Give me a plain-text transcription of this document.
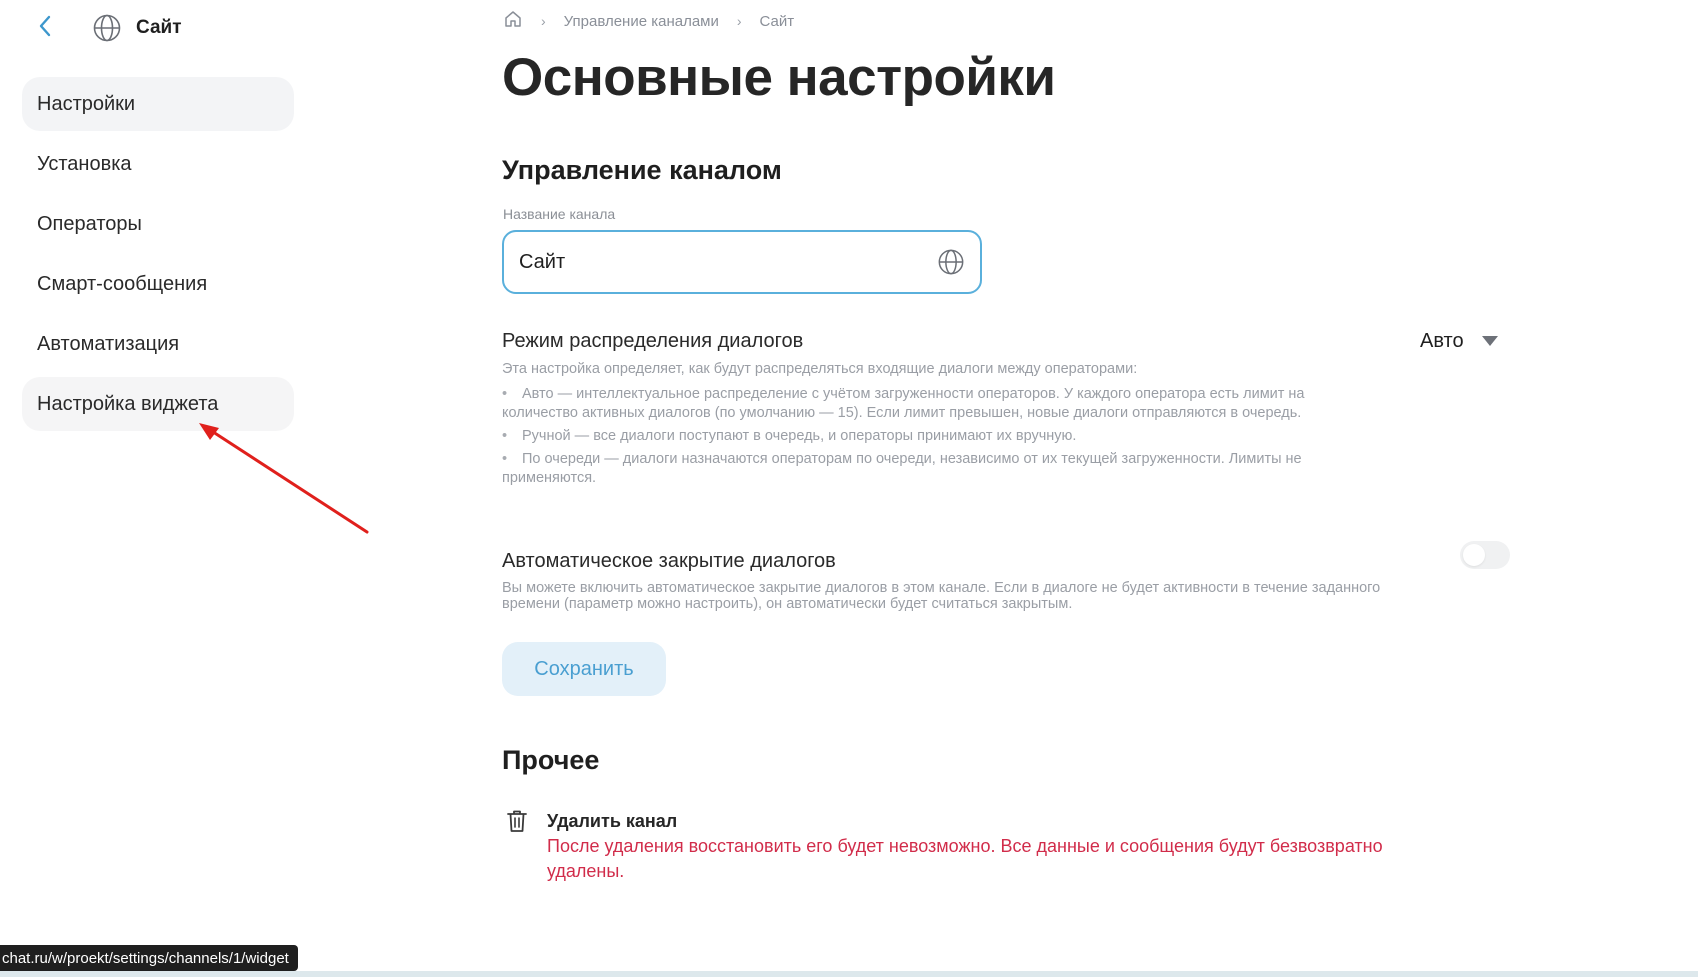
Сайт
Настройки
Установка
Операторы
Смарт-сообщения
Автоматизация
Настройка виджета
› Управление каналами › Сайт
Основные настройки
Управление каналом
Название канала
Сайт
Режим распределения диалогов	Авто
Эта настройка определяет, как будут распределяться входящие диалоги между операторами:
• Авто — интеллектуальное распределение с учётом загруженности операторов. У каждого оператора есть лимит на количество активных диалогов (по умолчанию — 15). Если лимит превышен, новые диалоги отправляются в очередь.
• Ручной — все диалоги поступают в очередь, и операторы принимают их вручную.
• По очереди — диалоги назначаются операторам по очереди, независимо от их текущей загруженности. Лимиты не применяются.
Автоматическое закрытие диалогов
Вы можете включить автоматическое закрытие диалогов в этом канале. Если в диалоге не будет активности в течение заданного времени (параметр можно настроить), он автоматически будет считаться закрытым.
Сохранить
Прочее
Удалить канал
После удаления восстановить его будет невозможно. Все данные и сообщения будут безвозвратно удалены.
chat.ru/w/proekt/settings/channels/1/widget
